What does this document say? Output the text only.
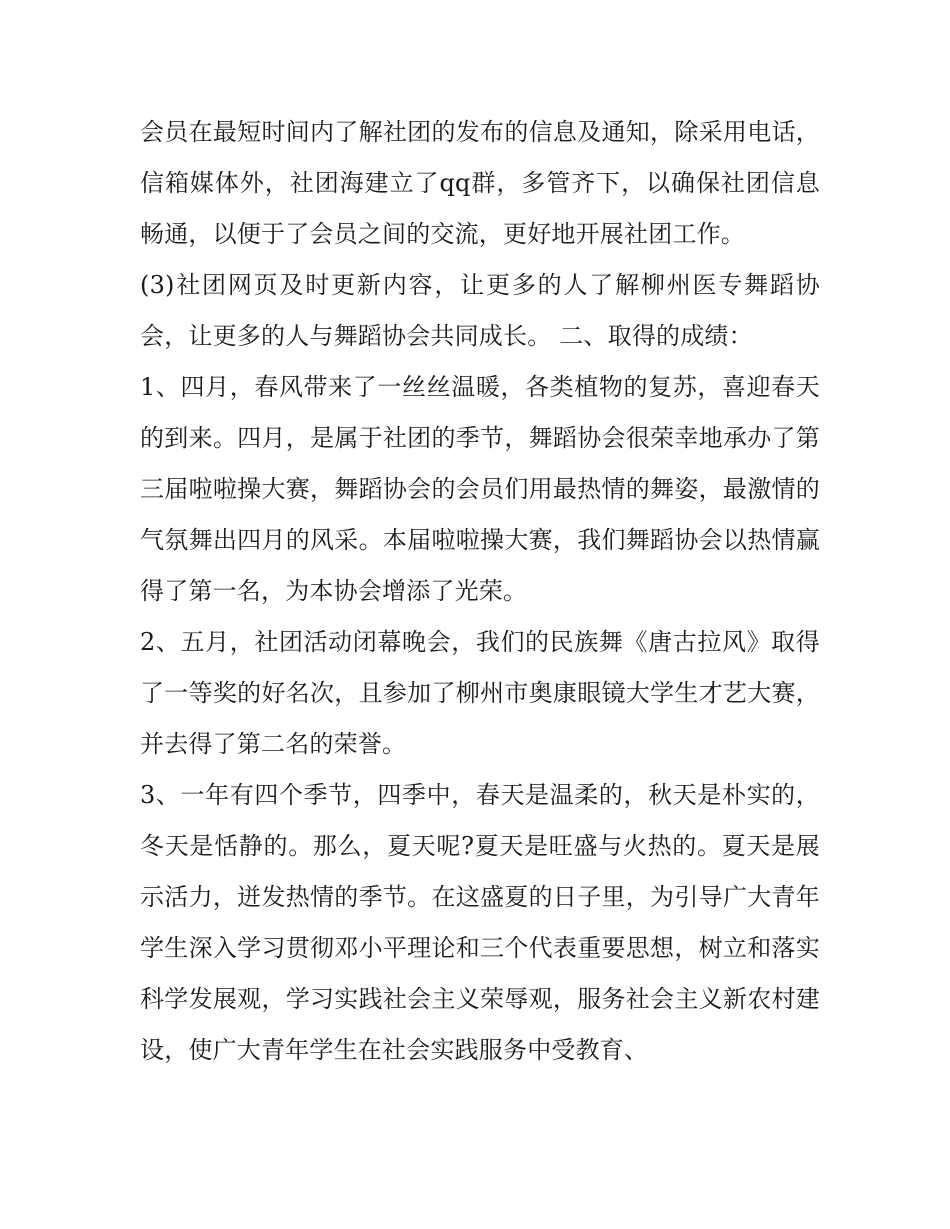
会员在最短时间内了解社团的发布的信息及通知，除采用电话，信箱媒体外，社团海建立了qq群，多管齐下，以确保社团信息畅通，以便于了会员之间的交流，更好地开展社团工作。

(3)社团网页及时更新内容，让更多的人了解柳州医专舞蹈协会，让更多的人与舞蹈协会共同成长。 二、取得的成绩：

1、四月，春风带来了一丝丝温暖，各类植物的复苏，喜迎春天的到来。四月，是属于社团的季节，舞蹈协会很荣幸地承办了第三届啦啦操大赛，舞蹈协会的会员们用最热情的舞姿，最激情的气氛舞出四月的风采。本届啦啦操大赛，我们舞蹈协会以热情赢得了第一名，为本协会增添了光荣。

2、五月，社团活动闭幕晚会，我们的民族舞《唐古拉风》取得了一等奖的好名次，且参加了柳州市奥康眼镜大学生才艺大赛，并去得了第二名的荣誉。

3、一年有四个季节，四季中，春天是温柔的，秋天是朴实的，冬天是恬静的。那么，夏天呢?夏天是旺盛与火热的。夏天是展示活力，迸发热情的季节。在这盛夏的日子里，为引导广大青年学生深入学习贯彻邓小平理论和三个代表重要思想，树立和落实科学发展观，学习实践社会主义荣辱观，服务社会主义新农村建设，使广大青年学生在社会实践服务中受教育、
